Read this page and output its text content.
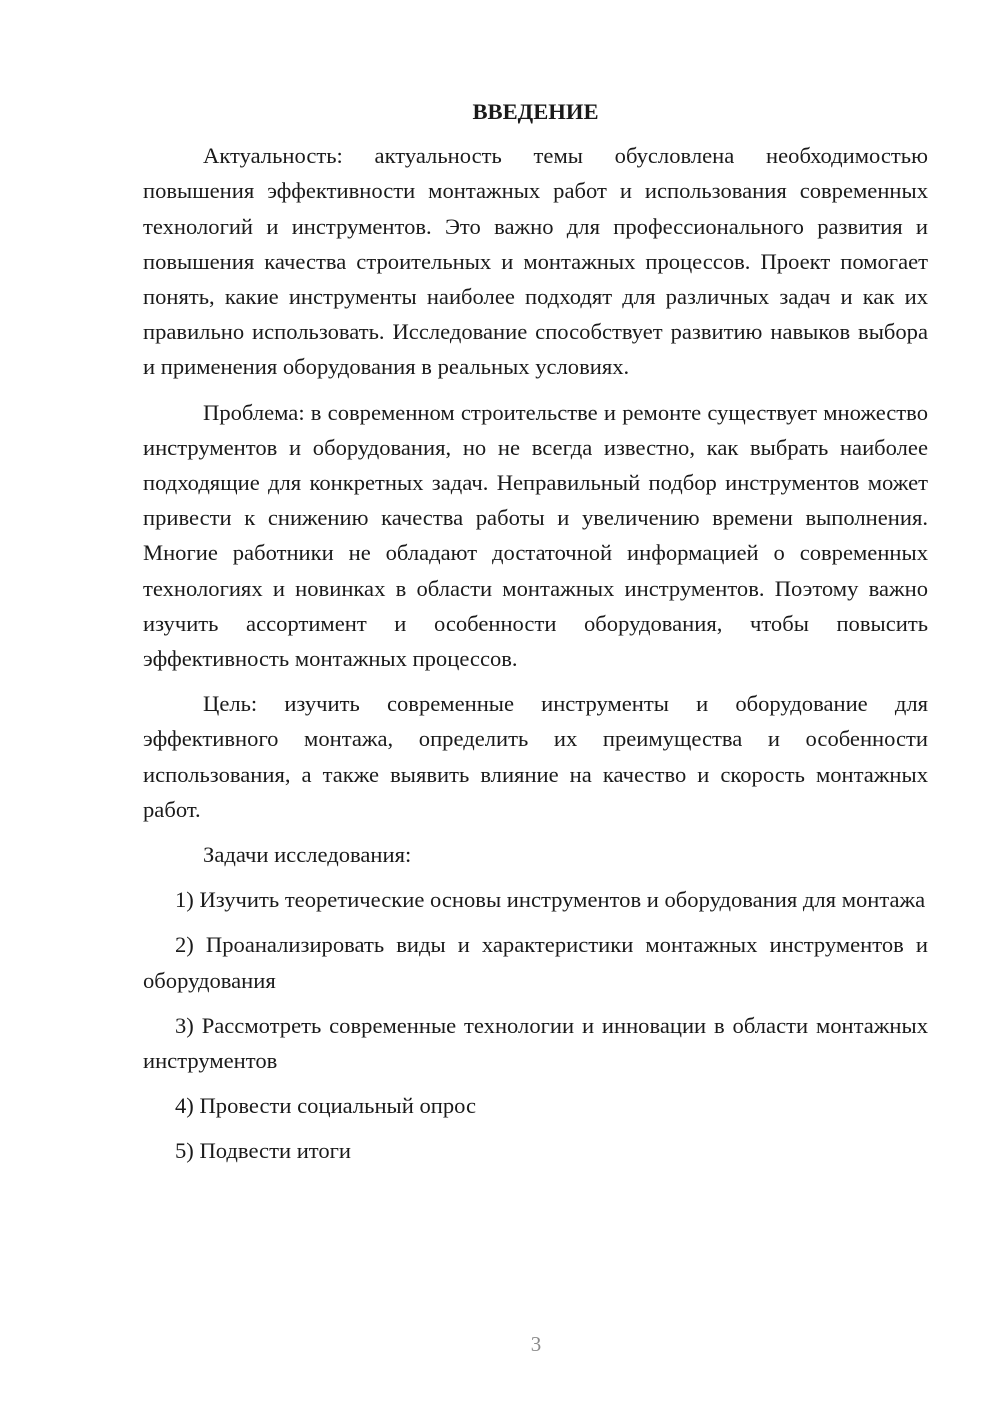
ВВЕДЕНИЕ

Актуальность: актуальность темы обусловлена необходимостью повышения эффективности монтажных работ и использования современных технологий и инструментов. Это важно для профессионального развития и повышения качества строительных и монтажных процессов. Проект помогает понять, какие инструменты наиболее подходят для различных задач и как их правильно использовать. Исследование способствует развитию навыков выбора и применения оборудования в реальных условиях.

Проблема: в современном строительстве и ремонте существует множество инструментов и оборудования, но не всегда известно, как выбрать наиболее подходящие для конкретных задач. Неправильный подбор инструментов может привести к снижению качества работы и увеличению времени выполнения. Многие работники не обладают достаточной информацией о современных технологиях и новинках в области монтажных инструментов. Поэтому важно изучить ассортимент и особенности оборудования, чтобы повысить эффективность монтажных процессов.

Цель: изучить современные инструменты и оборудование для эффективного монтажа, определить их преимущества и особенности использования, а также выявить влияние на качество и скорость монтажных работ.

Задачи исследования:

1) Изучить теоретические основы инструментов и оборудования для монтажа

2) Проанализировать виды и характеристики монтажных инструментов и оборудования

3) Рассмотреть современные технологии и инновации в области монтажных инструментов

4) Провести социальный опрос

5) Подвести итоги

3
